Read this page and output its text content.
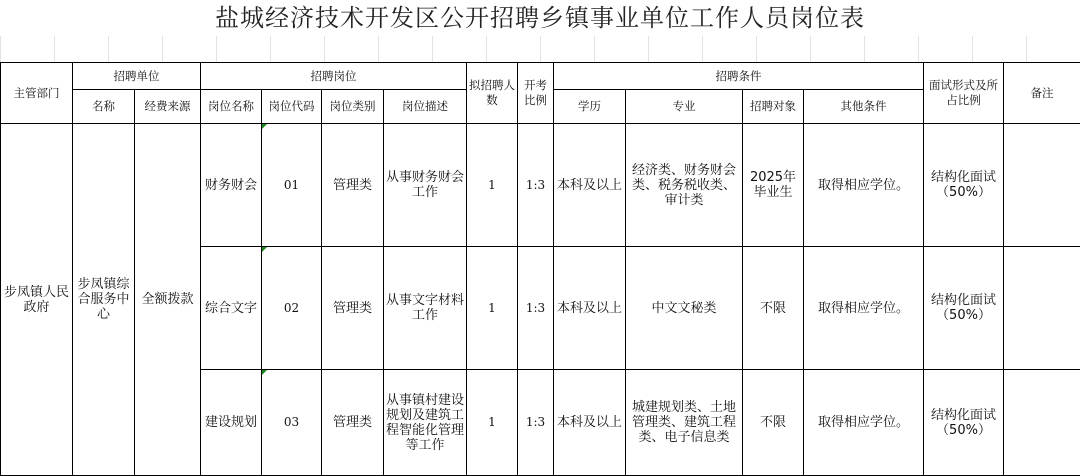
盐城经济技术开发区公开招聘乡镇事业单位工作人员岗位表
主管部门	招聘单位		招聘岗位				拟招聘人数	开考比例	招聘条件				面试形式及所占比例	备注
	名称	经费来源	岗位名称	岗位代码	岗位类别	岗位描述			学历	专业	招聘对象	其他条件		
步凤镇人民政府	步凤镇综合服务中心	全额拨款	财务财会	01	管理类	从事财务财会工作	1	1:3	本科及以上	经济类、财务财会类、税务税收类、审计类	2025年毕业生	取得相应学位。	结构化面试（50%）	
			综合文字	02	管理类	从事文字材料工作	1	1:3	本科及以上	中文文秘类	不限	取得相应学位。	结构化面试（50%）	
			建设规划	03	管理类	从事镇村建设规划及建筑工程智能化管理等工作	1	1:3	本科及以上	城建规划类、土地管理类、建筑工程类、电子信息类	不限	取得相应学位。	结构化面试（50%）	
